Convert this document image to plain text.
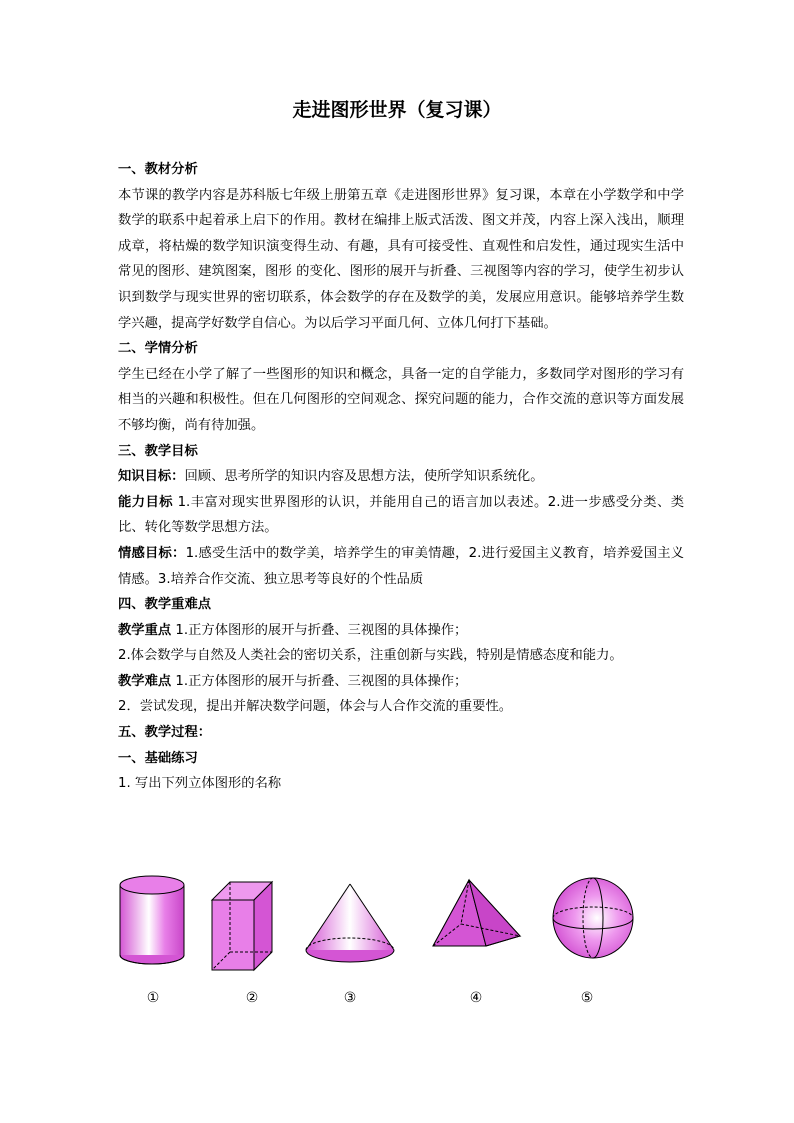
走进图形世界（复习课）

一、教材分析

本节课的教学内容是苏科版七年级上册第五章《走进图形世界》复习课，本章在小学数学和中学数学的联系中起着承上启下的作用。教材在编排上版式活泼、图文并茂，内容上深入浅出，顺理成章，将枯燥的数学知识演变得生动、有趣，具有可接受性、直观性和启发性，通过现实生活中常见的图形、建筑图案，图形 的变化、图形的展开与折叠、三视图等内容的学习，使学生初步认识到数学与现实世界的密切联系，体会数学的存在及数学的美，发展应用意识。能够培养学生数学兴趣，提高学好数学自信心。为以后学习平面几何、立体几何打下基础。

二、学情分析

学生已经在小学了解了一些图形的知识和概念，具备一定的自学能力，多数同学对图形的学习有相当的兴趣和积极性。但在几何图形的空间观念、探究问题的能力，合作交流的意识等方面发展不够均衡，尚有待加强。

三、教学目标

知识目标：回顾、思考所学的知识内容及思想方法，使所学知识系统化。

能力目标 1.丰富对现实世界图形的认识，并能用自己的语言加以表述。2.进一步感受分类、类比、转化等数学思想方法。

情感目标：1.感受生活中的数学美，培养学生的审美情趣，2.进行爱国主义教育，培养爱国主义情感。3.培养合作交流、独立思考等良好的个性品质

四、教学重难点

教学重点 1.正方体图形的展开与折叠、三视图的具体操作；

2.体会数学与自然及人类社会的密切关系，注重创新与实践，特别是情感态度和能力。

教学难点 1.正方体图形的展开与折叠、三视图的具体操作；

2．尝试发现，提出并解决数学问题，体会与人合作交流的重要性。

五、教学过程：

一、基础练习

1. 写出下列立体图形的名称

①	②	③	④	⑤
